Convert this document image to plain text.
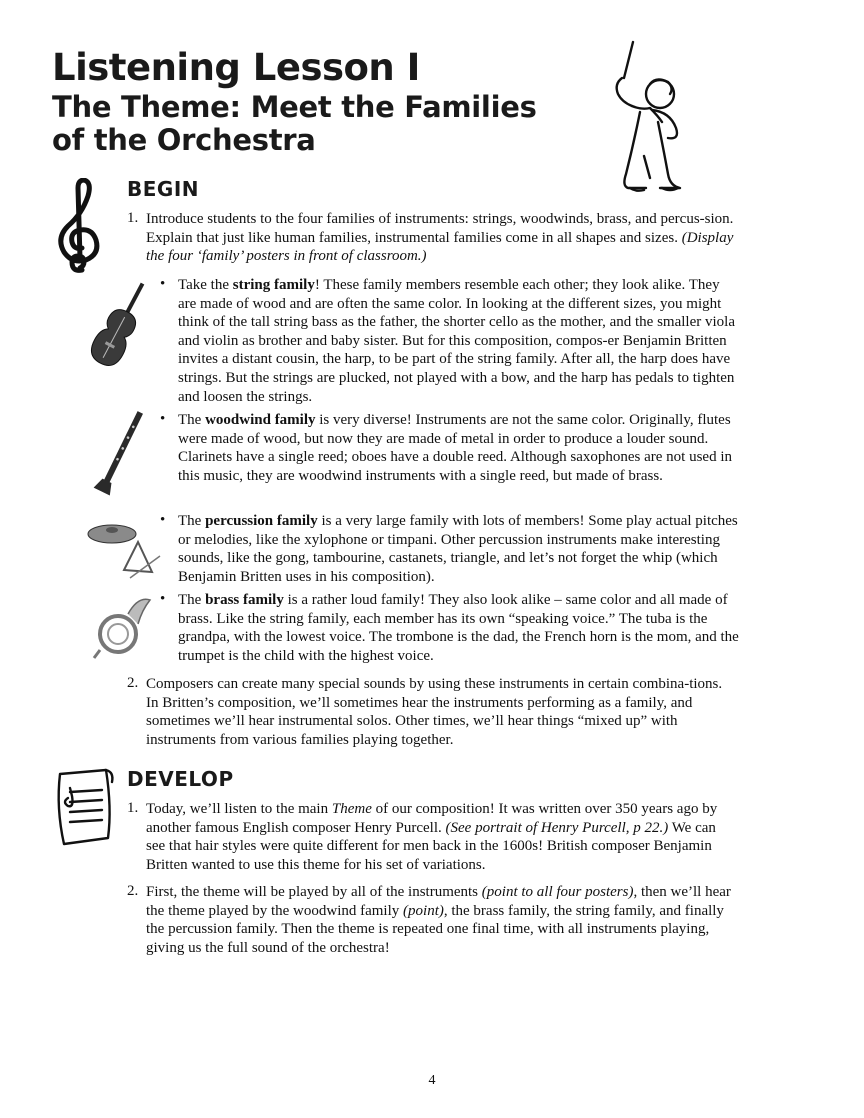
Listening Lesson I
The Theme: Meet the Families
of the Orchestra
BEGIN
1. Introduce students to the four families of instruments: strings, woodwinds, brass, and percus-sion. Explain that just like human families, instrumental families come in all shapes and sizes. (Display the four ‘family’ posters in front of classroom.)

• Take the string family! These family members resemble each other; they look alike. They are made of wood and are often the same color. In looking at the different sizes, you might think of the tall string bass as the father, the shorter cello as the mother, and the smaller viola and violin as brother and baby sister. But for this composition, compos-er Benjamin Britten invites a distant cousin, the harp, to be part of the string family. After all, the harp does have strings. But the strings are plucked, not played with a bow, and the harp has pedals to tighten and loosen the strings.

• The woodwind family is very diverse! Instruments are not the same color. Originally, flutes were made of wood, but now they are made of metal in order to produce a louder sound. Clarinets have a single reed; oboes have a double reed. Although saxophones are not used in this music, they are woodwind instruments with a single reed, but made of brass.

• The percussion family is a very large family with lots of members! Some play actual pitches or melodies, like the xylophone or timpani. Other percussion instruments make interesting sounds, like the gong, tambourine, castanets, triangle, and let’s not forget the whip (which Benjamin Britten uses in his composition).

• The brass family is a rather loud family! They also look alike – same color and all made of brass. Like the string family, each member has its own “speaking voice.” The tuba is the grandpa, with the lowest voice. The trombone is the dad, the French horn is the mom, and the trumpet is the child with the highest voice.

2. Composers can create many special sounds by using these instruments in certain combina-tions. In Britten’s composition, we’ll sometimes hear the instruments performing as a family, and sometimes we’ll hear instrumental solos. Other times, we’ll hear things “mixed up” with instruments from various families playing together.

DEVELOP
1. Today, we’ll listen to the main Theme of our composition! It was written over 350 years ago by another famous English composer Henry Purcell. (See portrait of Henry Purcell, p 22.) We can see that hair styles were quite different for men back in the 1600s! British composer Benjamin Britten wanted to use this theme for his set of variations.

2. First, the theme will be played by all of the instruments (point to all four posters), then we’ll hear the theme played by the woodwind family (point), the brass family, the string family, and finally the percussion family. Then the theme is repeated one final time, with all instruments playing, giving us the full sound of the orchestra!

4
